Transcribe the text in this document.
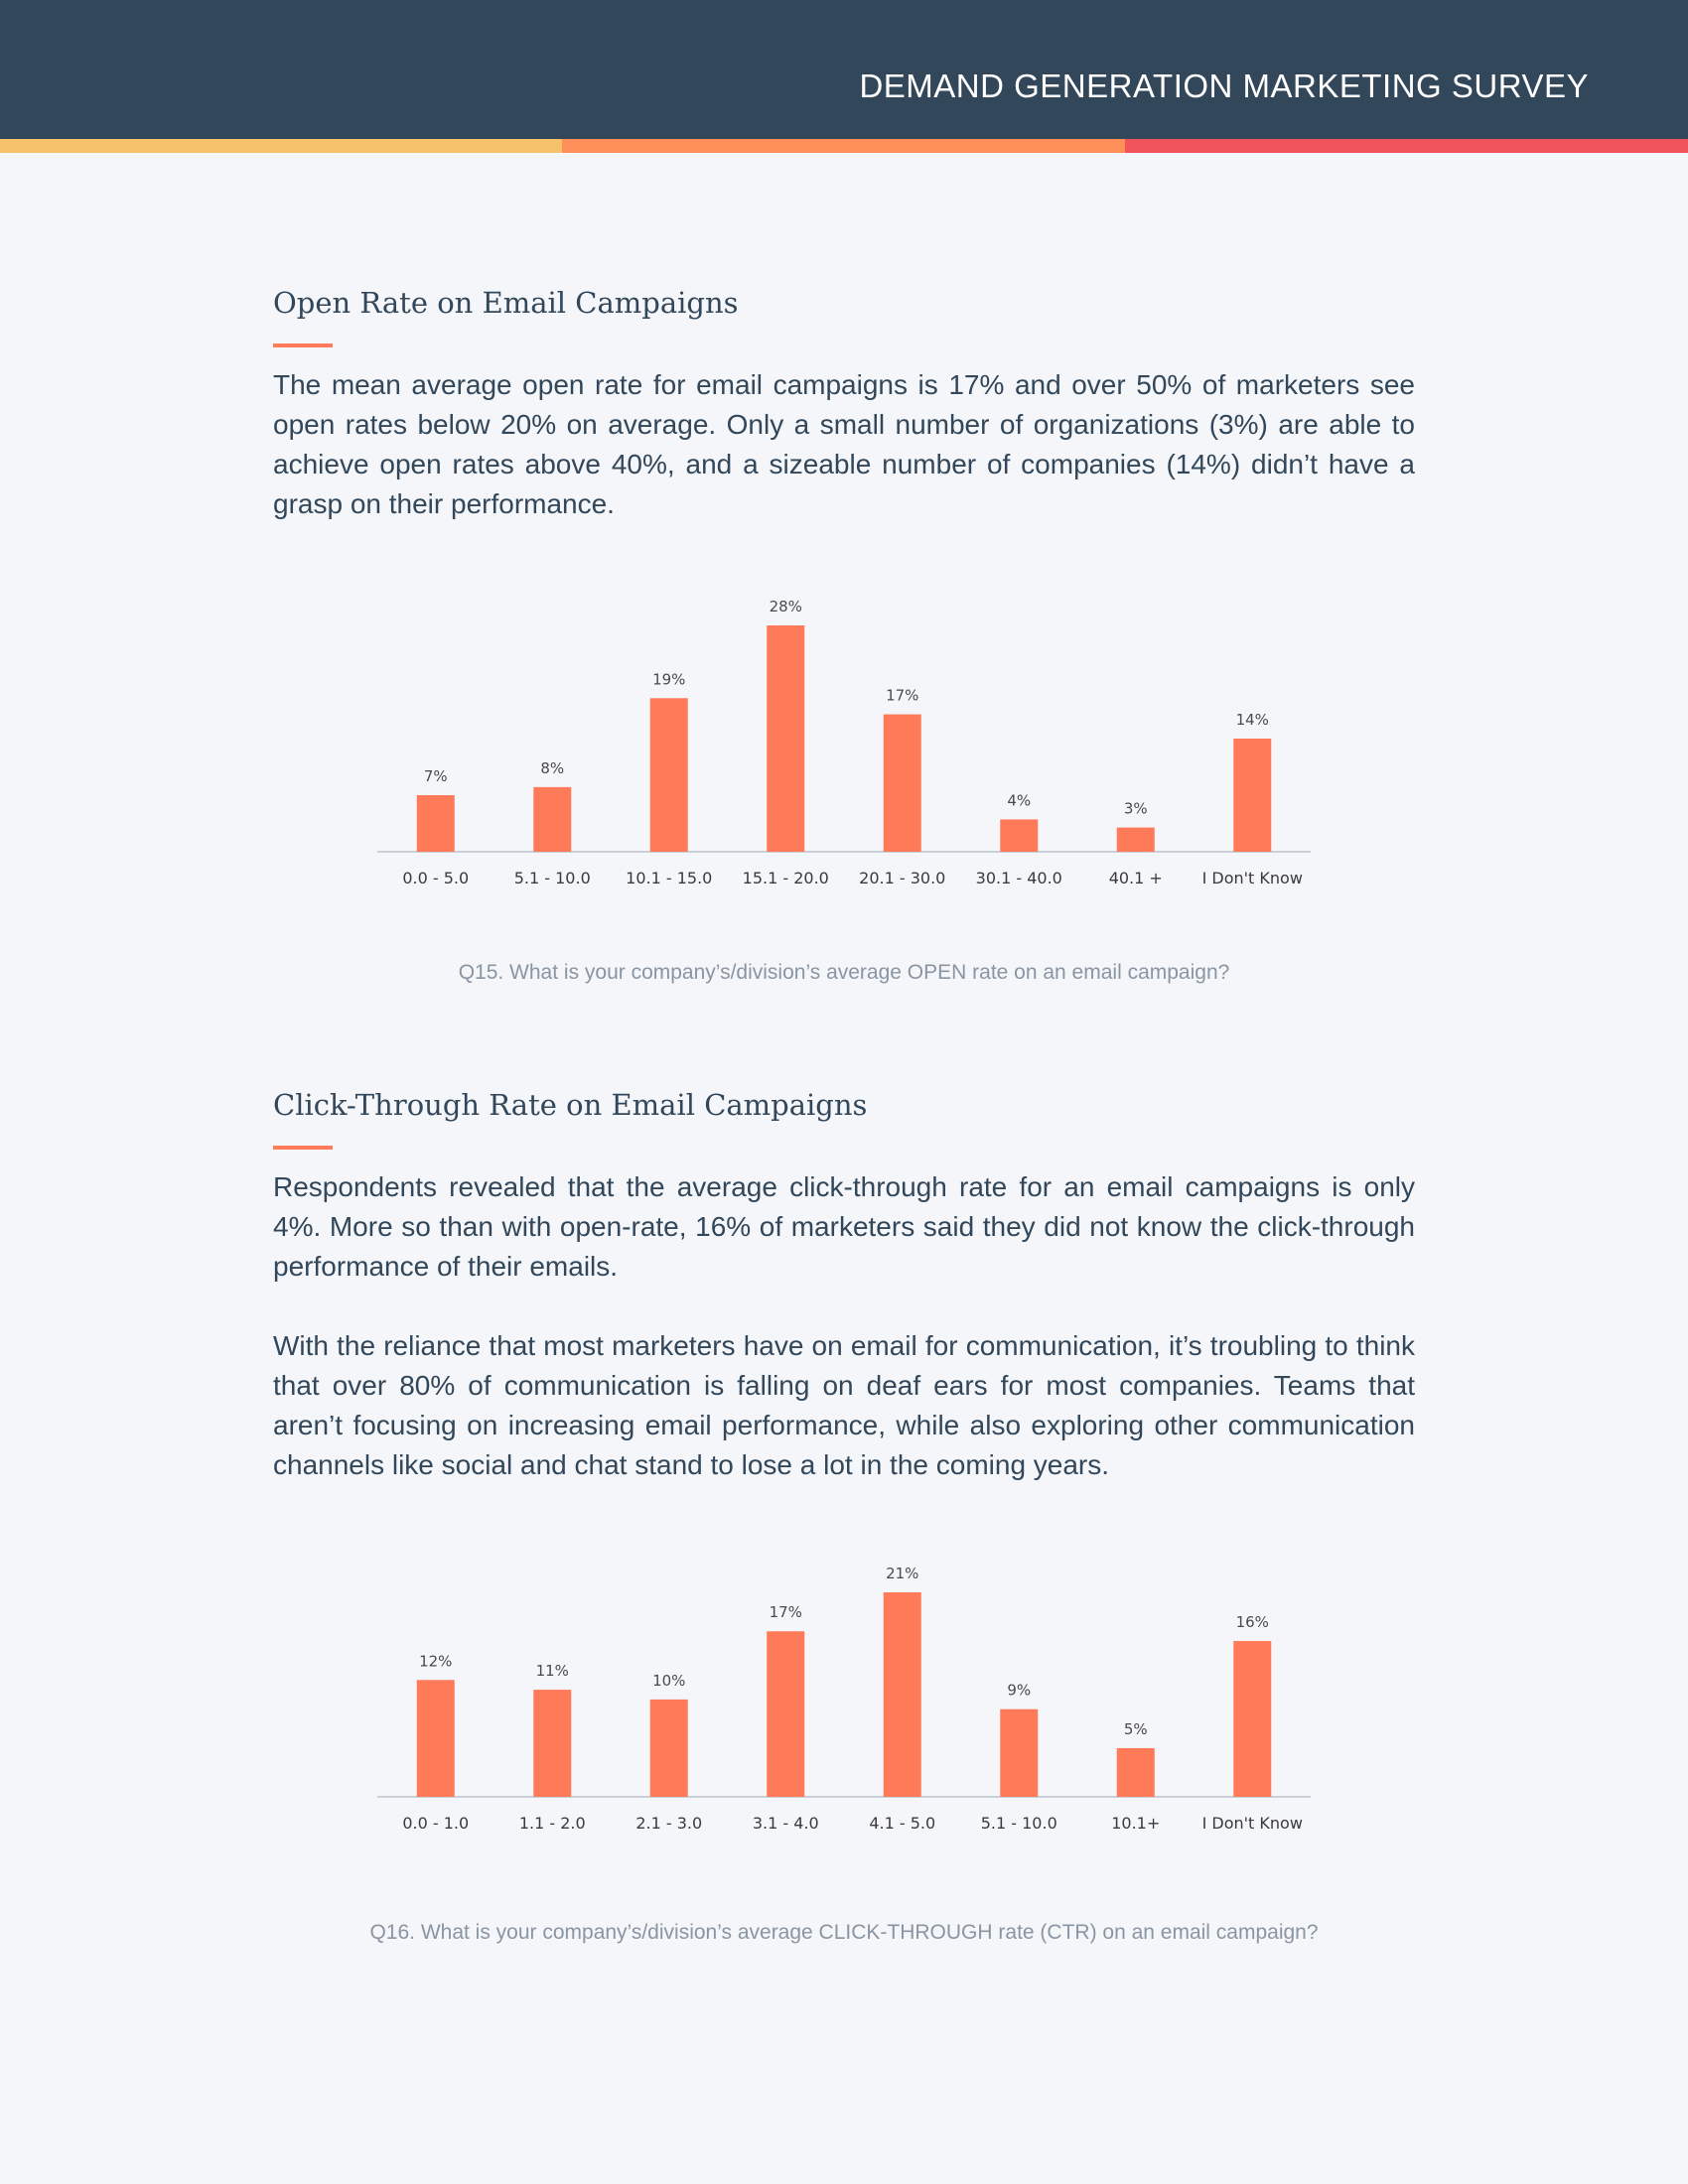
DEMAND GENERATION MARKETING SURVEY
Open Rate on Email Campaigns

The mean average open rate for email campaigns is 17% and over 50% of marketers see open rates below 20% on average. Only a small number of organizations (3%) are able to achieve open rates above 40%, and a sizeable number of companies (14%) didn’t have a grasp on their performance.

7%
0.0 - 5.0
8%
5.1 - 10.0
19%
10.1 - 15.0
28%
15.1 - 20.0
17%
20.1 - 30.0
4%
30.1 - 40.0
3%
40.1 +
14%
I Don't Know
Q15. What is your company’s/division’s average OPEN rate on an email campaign?
Click-Through Rate on Email Campaigns

Respondents revealed that the average click-through rate for an email campaigns is only 4%. More so than with open-rate, 16% of marketers said they did not know the click-through performance of their emails.

With the reliance that most marketers have on email for communication, it’s troubling to think that over 80% of communication is falling on deaf ears for most companies. Teams that aren’t focusing on increasing email performance, while also exploring other communication channels like social and chat stand to lose a lot in the coming years.

12%
0.0 - 1.0
11%
1.1 - 2.0
10%
2.1 - 3.0
17%
3.1 - 4.0
21%
4.1 - 5.0
9%
5.1 - 10.0
5%
10.1+
16%
I Don't Know
Q16. What is your company’s/division’s average CLICK-THROUGH rate (CTR) on an email campaign?
